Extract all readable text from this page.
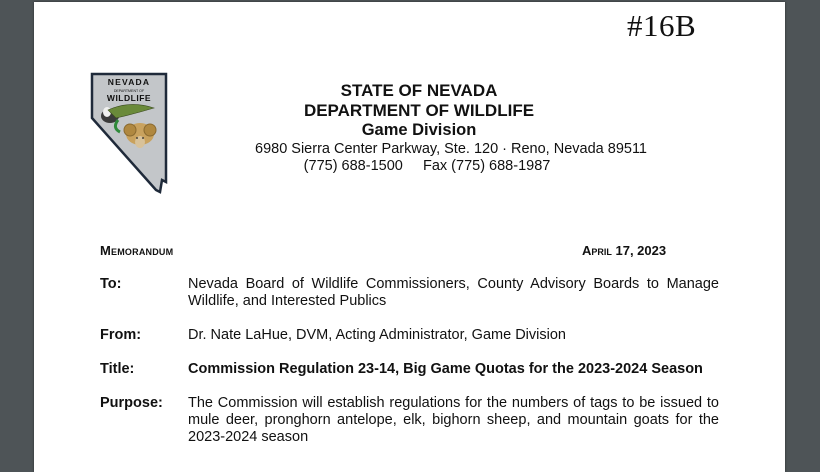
#16B
NEVADA
DEPARTMENT OF
WILDLIFE	STATE OF NEVADA
DEPARTMENT OF WILDLIFE
Game Division
6980 Sierra Center Parkway, Ste. 120 · Reno, Nevada 89511
(775) 688-1500     Fax (775) 688-1987
Memorandum	April 17, 2023
To:	Nevada Board of Wildlife Commissioners, County Advisory Boards to Manage Wildlife, and Interested Publics
From:	Dr. Nate LaHue, DVM, Acting Administrator, Game Division
Title:	Commission Regulation 23-14, Big Game Quotas for the 2023-2024 Season
Purpose: The Commission will establish regulations for the numbers of tags to be issued to mule deer, pronghorn antelope, elk, bighorn sheep, and mountain goats for the 2023-2024 season
